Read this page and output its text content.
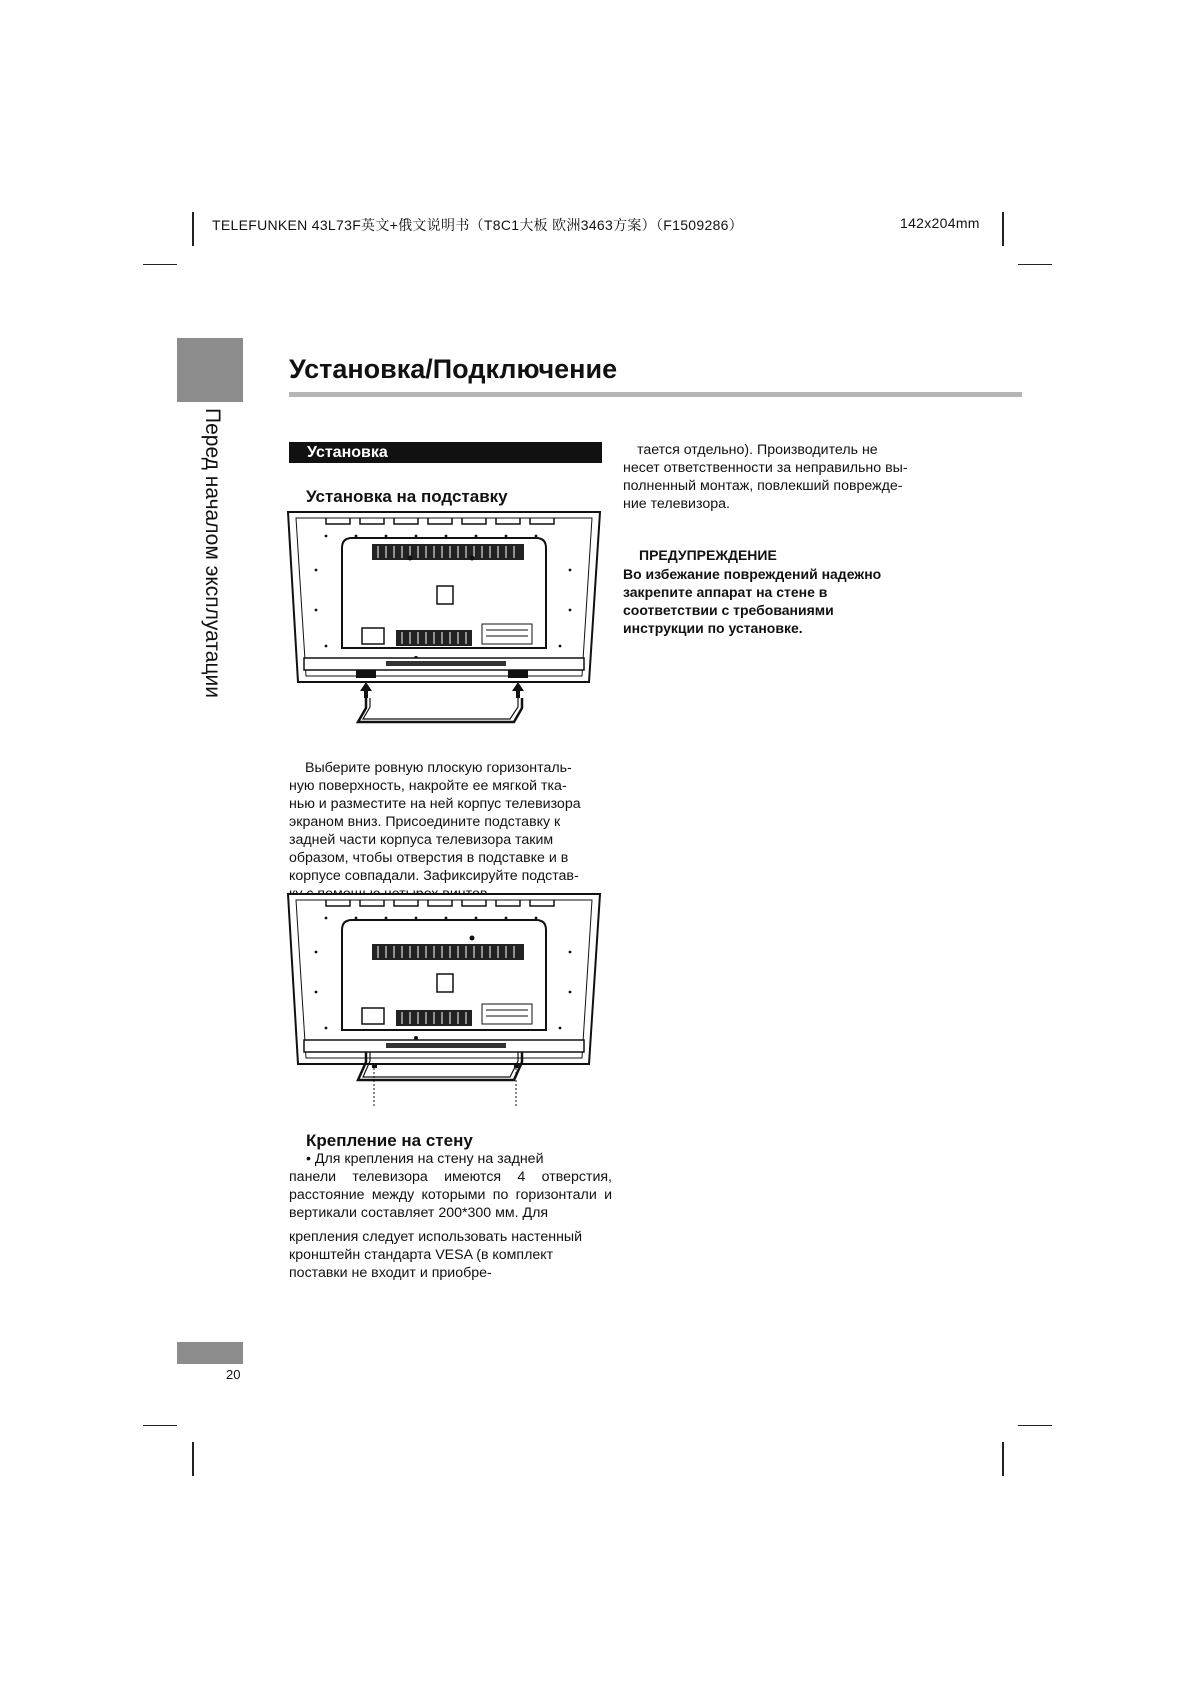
TELEFUNKEN 43L73F英文+俄文说明书（T8C1大板 欧洲3463方案）（F1509286）	142x204mm
Перед началом эксплуатации
Установка/Подключение
Установка
Установка на подставку

Выберите ровную плоскую горизонталь-
ную поверхность, накройте ее мягкой тка-
нью и разместите на ней корпус телевизора
экраном вниз. Присоедините подставку к
задней части корпуса телевизора таким
образом, чтобы отверстия в подставке и в
корпусе совпадали. Зафиксируйте подстав-

Крепление на стену
• Для крепления на стену на задней
панели телевизора имеются 4 отверстия, расстояние между которыми по горизонтали и вертикали составляет 200*300 мм. Для
крепления следует использовать настенный
кронштейн стандарта VESA (в комплект
поставки не входит и приобре-
тается отдельно). Производитель не
несет ответственности за неправильно вы-
полненный монтаж, повлекший поврежде-
ние телевизора.
ПРЕДУПРЕЖДЕНИЕ
Во избежание повреждений надежно
закрепите аппарат на стене в
соответствии с требованиями
инструкции по установке.
20
